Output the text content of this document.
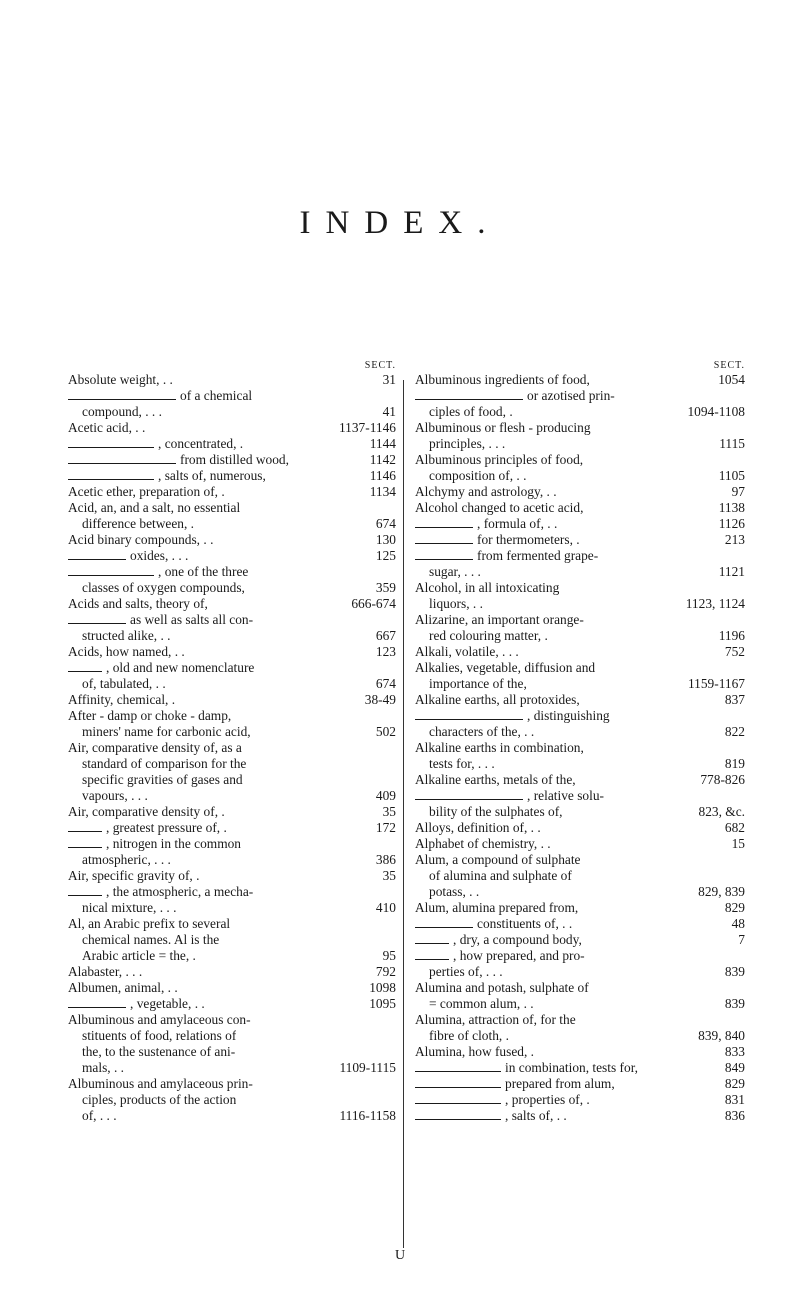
INDEX.
SECT.
Absolute weight, . .	31
of a chemical
compound, . . .	41
Acetic acid, . .	1137-1146
, concentrated, .	1144
from distilled wood,	1142
, salts of, numerous,	1146
Acetic ether, preparation of, .	1134
Acid, an, and a salt, no essential
difference between, .	674
Acid binary compounds, . .	130
oxides, . . .	125
, one of the three
classes of oxygen compounds,	359
Acids and salts, theory of,	666-674
as well as salts all con-
structed alike, . .	667
Acids, how named, . .	123
, old and new nomenclature
of, tabulated, . .	674
Affinity, chemical, .	38-49
After - damp or choke - damp,
miners' name for carbonic acid,	502
Air, comparative density of, as a
standard of comparison for the
specific gravities of gases and
vapours, . . .	409
Air, comparative density of, .	35
, greatest pressure of, .	172
, nitrogen in the common
atmospheric, . . .	386
Air, specific gravity of, .	35
, the atmospheric, a mecha-
nical mixture, . . .	410
Al, an Arabic prefix to several
chemical names. Al is the
Arabic article = the, .	95
Alabaster, . . .	792
Albumen, animal, . .	1098
, vegetable, . .	1095
Albuminous and amylaceous con-
stituents of food, relations of
the, to the sustenance of ani-
mals, . .	1109-1115
Albuminous and amylaceous prin-
ciples, products of the action
of, . . .	1116-1158
SECT.
Albuminous ingredients of food,	1054
or azotised prin-
ciples of food, .	1094-1108
Albuminous or flesh - producing
principles, . . .	1115
Albuminous principles of food,
composition of, . .	1105
Alchymy and astrology, . .	97
Alcohol changed to acetic acid,	1138
, formula of, . .	1126
for thermometers, .	213
from fermented grape-
sugar, . . .	1121
Alcohol, in all intoxicating
liquors, . .	1123, 1124
Alizarine, an important orange-
red colouring matter, .	1196
Alkali, volatile, . . .	752
Alkalies, vegetable, diffusion and
importance of the,	1159-1167
Alkaline earths, all protoxides,	837
, distinguishing
characters of the, . .	822
Alkaline earths in combination,
tests for, . . .	819
Alkaline earths, metals of the,	778-826
, relative solu-
bility of the sulphates of,	823, &c.
Alloys, definition of, . .	682
Alphabet of chemistry, . .	15
Alum, a compound of sulphate
of alumina and sulphate of
potass, . .	829, 839
Alum, alumina prepared from,	829
constituents of, . .	48
, dry, a compound body,	7
, how prepared, and pro-
perties of, . . .	839
Alumina and potash, sulphate of
= common alum, . .	839
Alumina, attraction of, for the
fibre of cloth, .	839, 840
Alumina, how fused, .	833
in combination, tests for,	849
prepared from alum,	829
, properties of, .	831
, salts of, . .	836
U
